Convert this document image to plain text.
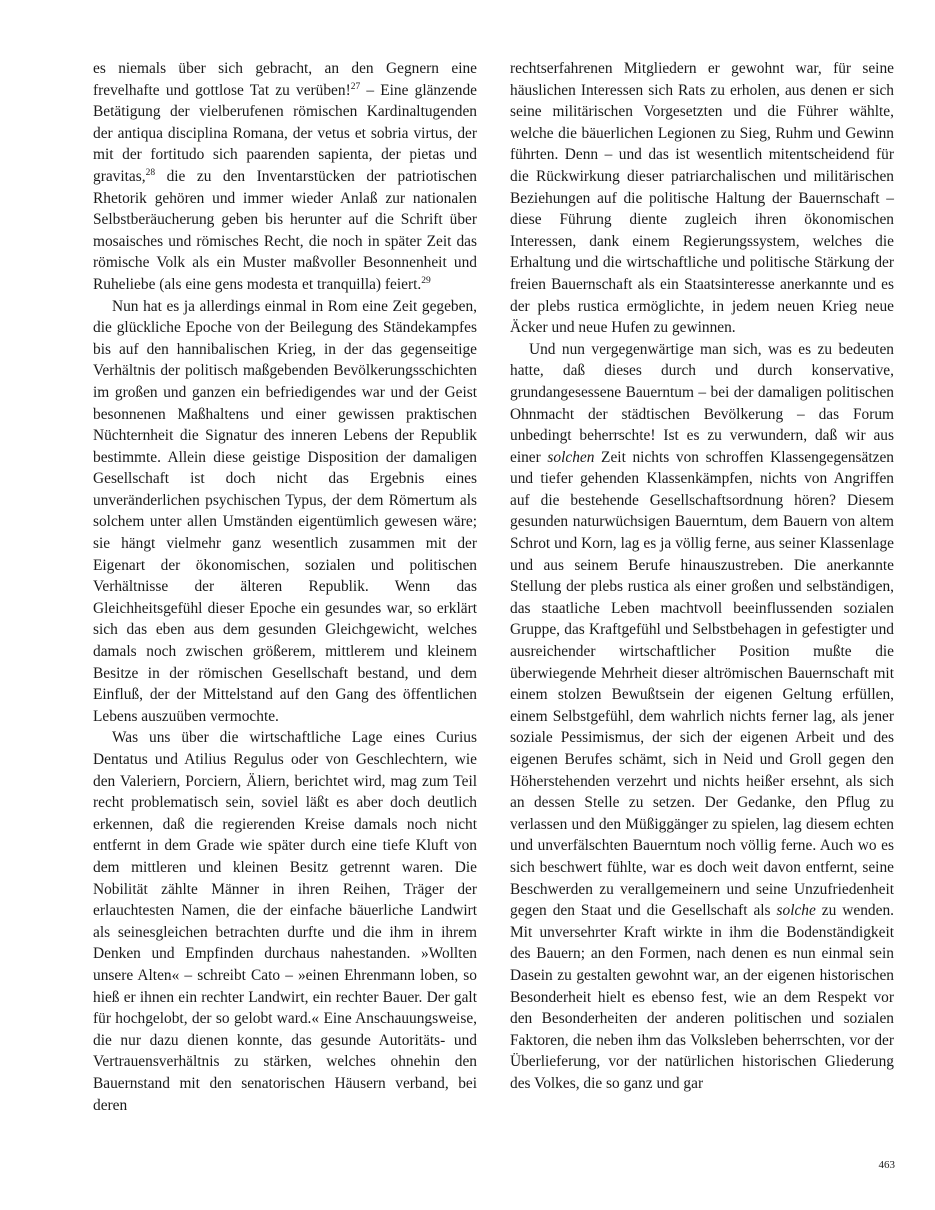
es niemals über sich gebracht, an den Gegnern eine frevelhafte und gottlose Tat zu verüben!$^{27}$ – Eine glänzende Betätigung der vielberufenen römischen Kardinaltugenden der antiqua disciplina Romana, der vetus et sobria virtus, der mit der fortitudo sich paarenden sapienta, der pietas und gravitas,$^{28}$ die zu den Inventarstücken der patriotischen Rhetorik gehören und immer wieder Anlaß zur nationalen Selbstberäucherung geben bis herunter auf die Schrift über mosaisches und römisches Recht, die noch in später Zeit das römische Volk als ein Muster maßvoller Besonnenheit und Ruheliebe (als eine gens modesta et tranquilla) feiert.$^{29}$

Nun hat es ja allerdings einmal in Rom eine Zeit gegeben, die glückliche Epoche von der Beilegung des Ständekampfes bis auf den hannibalischen Krieg, in der das gegenseitige Verhältnis der politisch maßgebenden Bevölkerungsschichten im großen und ganzen ein befriedigendes war und der Geist besonnenen Maßhaltens und einer gewissen praktischen Nüchternheit die Signatur des inneren Lebens der Republik bestimmte. Allein diese geistige Disposition der damaligen Gesellschaft ist doch nicht das Ergebnis eines unveränderlichen psychischen Typus, der dem Römertum als solchem unter allen Umständen eigentümlich gewesen wäre; sie hängt vielmehr ganz wesentlich zusammen mit der Eigenart der ökonomischen, sozialen und politischen Verhältnisse der älteren Republik. Wenn das Gleichheitsgefühl dieser Epoche ein gesundes war, so erklärt sich das eben aus dem gesunden Gleichgewicht, welches damals noch zwischen größerem, mittlerem und kleinem Besitze in der römischen Gesellschaft bestand, und dem Einfluß, der der Mittelstand auf den Gang des öffentlichen Lebens auszuüben vermochte.

Was uns über die wirtschaftliche Lage eines Curius Dentatus und Atilius Regulus oder von Geschlechtern, wie den Valeriern, Porciern, Äliern, berichtet wird, mag zum Teil recht problematisch sein, soviel läßt es aber doch deutlich erkennen, daß die regierenden Kreise damals noch nicht entfernt in dem Grade wie später durch eine tiefe Kluft von dem mittleren und kleinen Besitz getrennt waren. Die Nobilität zählte Männer in ihren Reihen, Träger der erlauchtesten Namen, die der einfache bäuerliche Landwirt als seinesgleichen betrachten durfte und die ihm in ihrem Denken und Empfinden durchaus nahestanden. »Wollten unsere Alten« – schreibt Cato – »einen Ehrenmann loben, so hieß er ihnen ein rechter Landwirt, ein rechter Bauer. Der galt für hochgelobt, der so gelobt ward.« Eine Anschauungsweise, die nur dazu dienen konnte, das gesunde Autoritäts- und Vertrauensverhältnis zu stärken, welches ohnehin den Bauernstand mit den senatorischen Häusern verband, bei deren

rechtserfahrenen Mitgliedern er gewohnt war, für seine häuslichen Interessen sich Rats zu erholen, aus denen er sich seine militärischen Vorgesetzten und die Führer wählte, welche die bäuerlichen Legionen zu Sieg, Ruhm und Gewinn führten. Denn – und das ist wesentlich mitentscheidend für die Rückwirkung dieser patriarchalischen und militärischen Beziehungen auf die politische Haltung der Bauernschaft – diese Führung diente zugleich ihren ökonomischen Interessen, dank einem Regierungssystem, welches die Erhaltung und die wirtschaftliche und politische Stärkung der freien Bauernschaft als ein Staatsinteresse anerkannte und es der plebs rustica ermöglichte, in jedem neuen Krieg neue Äcker und neue Hufen zu gewinnen.

Und nun vergegenwärtige man sich, was es zu bedeuten hatte, daß dieses durch und durch konservative, grundangesessene Bauerntum – bei der damaligen politischen Ohnmacht der städtischen Bevölkerung – das Forum unbedingt beherrschte! Ist es zu verwundern, daß wir aus einer solchen Zeit nichts von schroffen Klassengegensätzen und tiefer gehenden Klassenkämpfen, nichts von Angriffen auf die bestehende Gesellschaftsordnung hören? Diesem gesunden naturwüchsigen Bauerntum, dem Bauern von altem Schrot und Korn, lag es ja völlig ferne, aus seiner Klassenlage und aus seinem Berufe hinauszustreben. Die anerkannte Stellung der plebs rustica als einer großen und selbständigen, das staatliche Leben machtvoll beeinflussenden sozialen Gruppe, das Kraftgefühl und Selbstbehagen in gefestigter und ausreichender wirtschaftlicher Position mußte die überwiegende Mehrheit dieser altrömischen Bauernschaft mit einem stolzen Bewußtsein der eigenen Geltung erfüllen, einem Selbstgefühl, dem wahrlich nichts ferner lag, als jener soziale Pessimismus, der sich der eigenen Arbeit und des eigenen Berufes schämt, sich in Neid und Groll gegen den Höherstehenden verzehrt und nichts heißer ersehnt, als sich an dessen Stelle zu setzen. Der Gedanke, den Pflug zu verlassen und den Müßiggänger zu spielen, lag diesem echten und unverfälschten Bauerntum noch völlig ferne. Auch wo es sich beschwert fühlte, war es doch weit davon entfernt, seine Beschwerden zu verallgemeinern und seine Unzufriedenheit gegen den Staat und die Gesellschaft als solche zu wenden. Mit unversehrter Kraft wirkte in ihm die Bodenständigkeit des Bauern; an den Formen, nach denen es nun einmal sein Dasein zu gestalten gewohnt war, an der eigenen historischen Besonderheit hielt es ebenso fest, wie an dem Respekt vor den Besonderheiten der anderen politischen und sozialen Faktoren, die neben ihm das Volksleben beherrschten, vor der Überlieferung, vor der natürlichen historischen Gliederung des Volkes, die so ganz und gar

463
